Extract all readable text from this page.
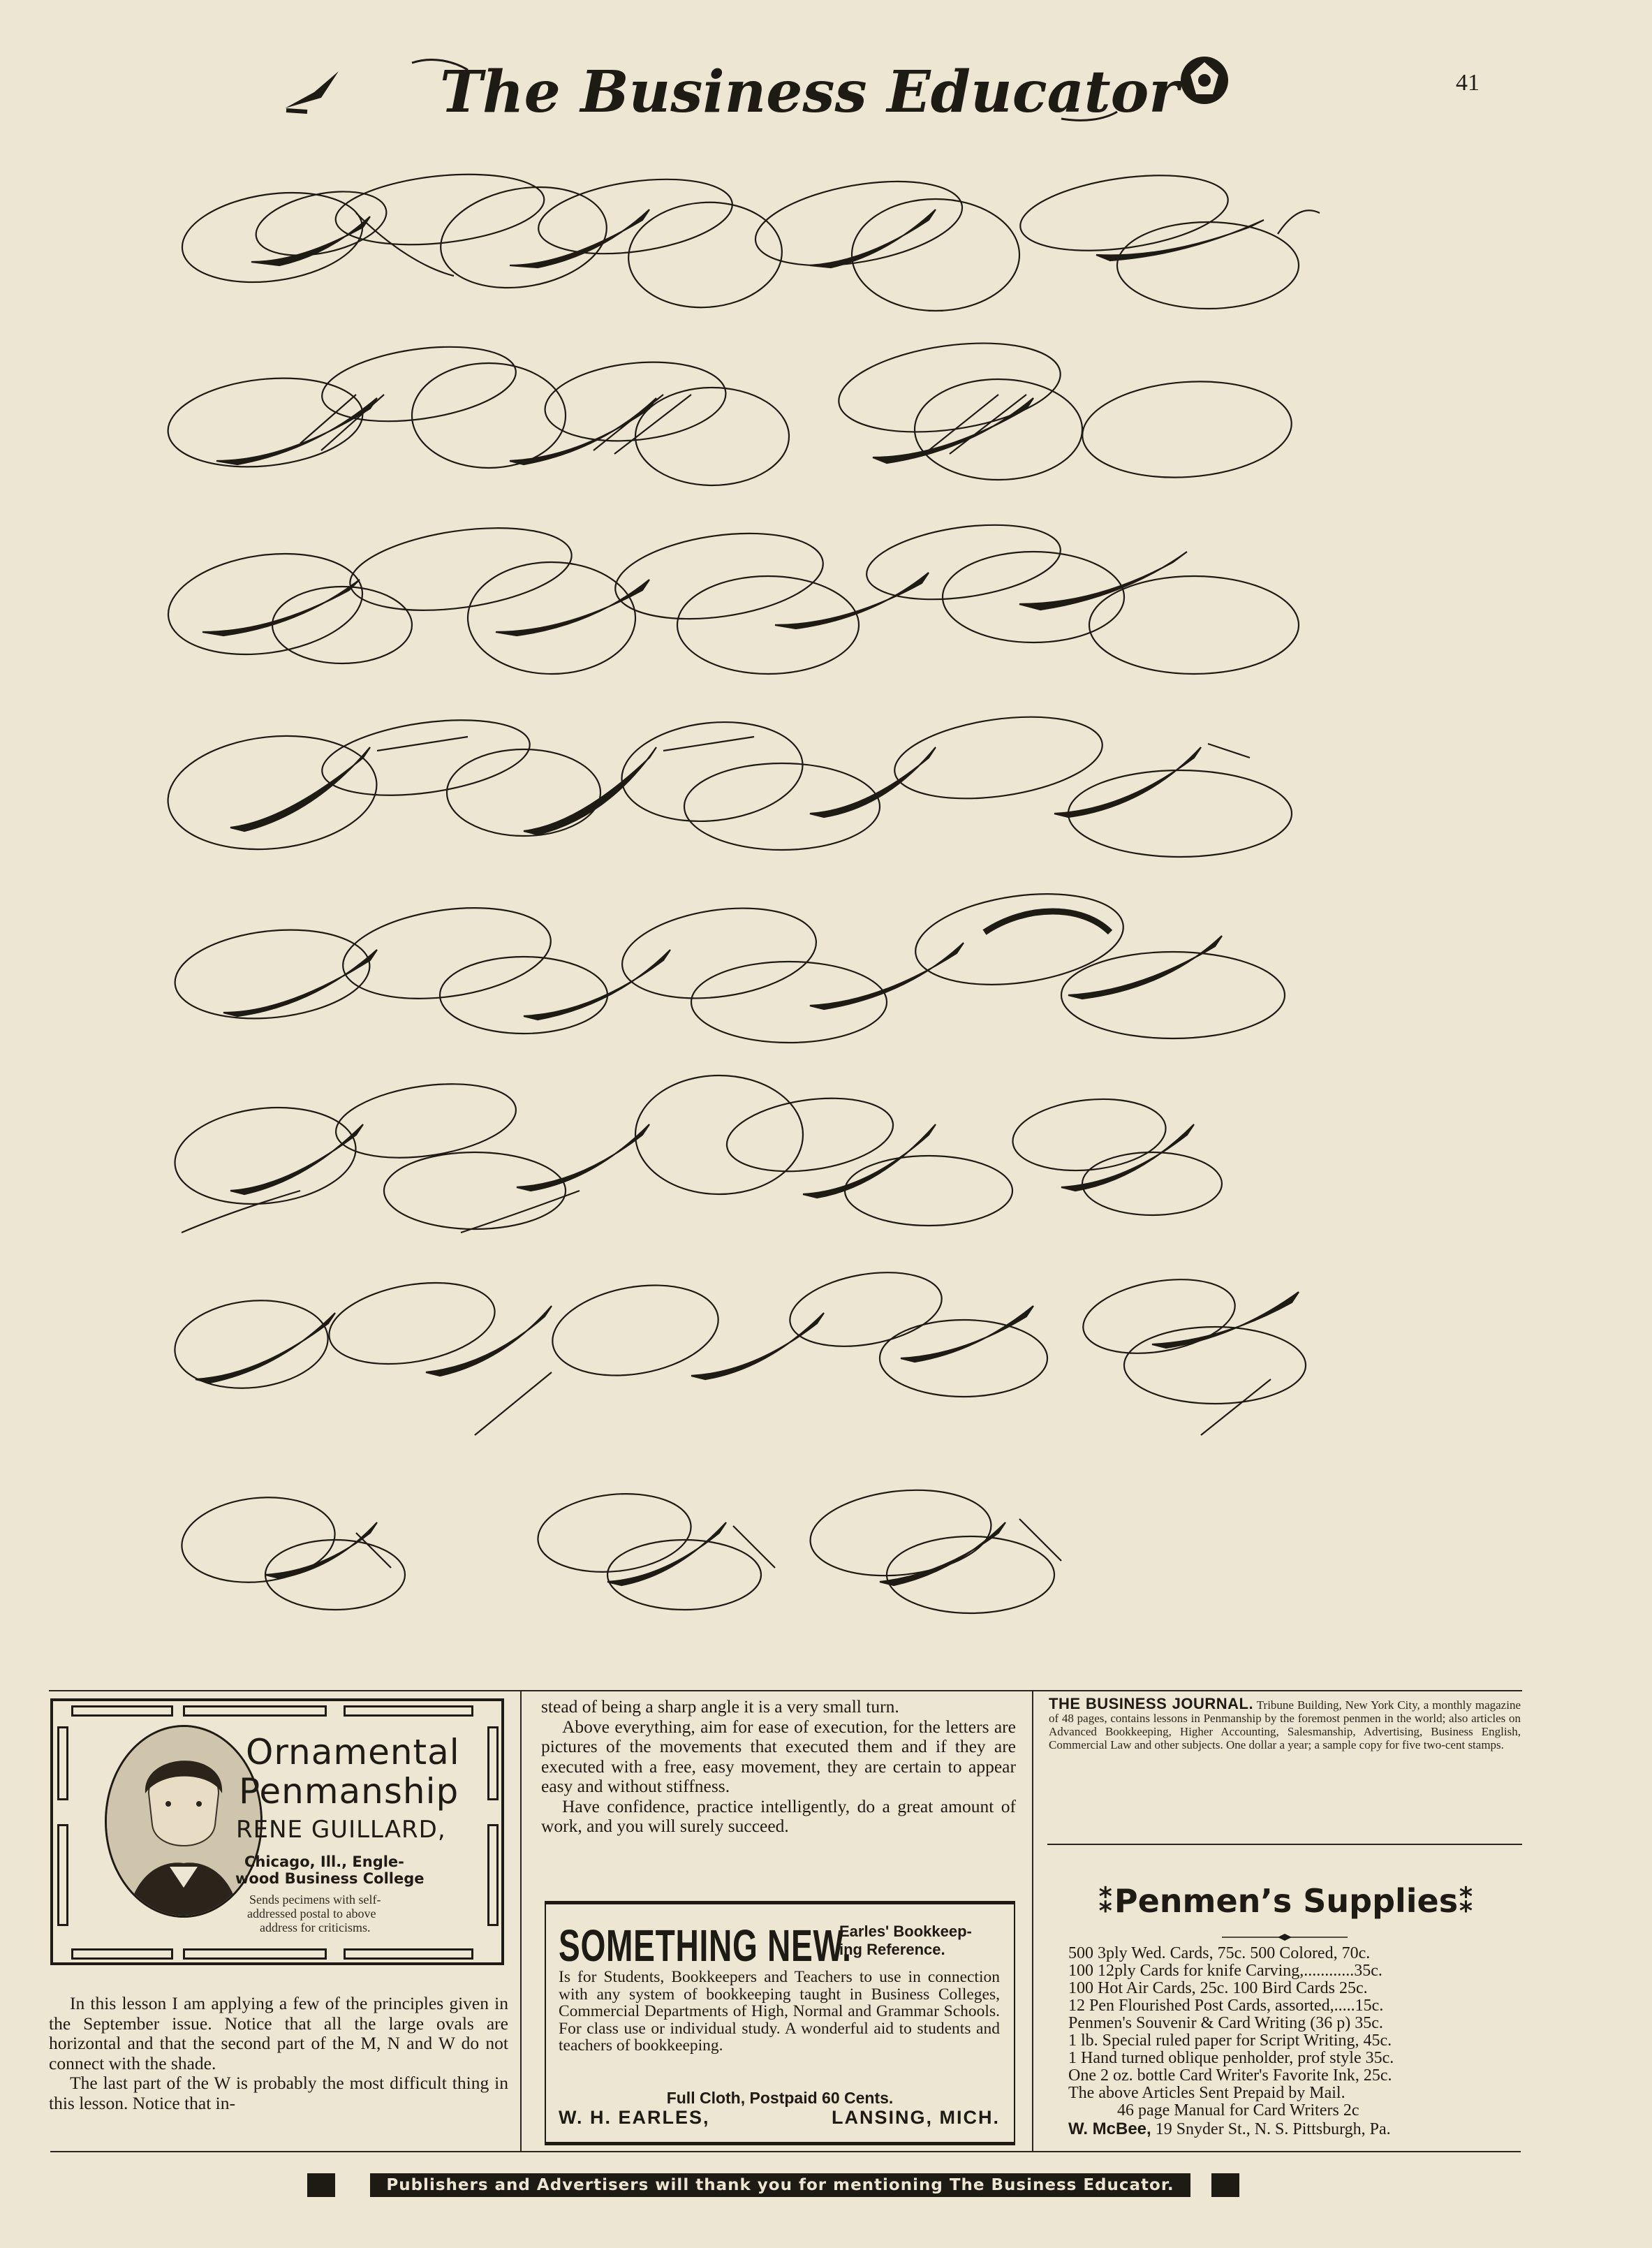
The Business Educator	41
Ornamental
Penmanship
RENE GUILLARD,
Chicago, Ill., Engle-
wood Business College
Sends pecimens with self-
addressed postal to above
address for criticisms.

In this lesson I am applying a few of the principles given in the September issue. Notice that all the large ovals are horizontal and that the second part of the M, N and W do not connect with the shade.

The last part of the W is probably the most difficult thing in this lesson. Notice that in-

stead of being a sharp angle it is a very small turn.

Above everything, aim for ease of execution, for the letters are pictures of the movements that executed them and if they are executed with a free, easy movement, they are certain to appear easy and without stiffness.

Have confidence, practice intelligently, do a great amount of work, and you will surely succeed.

SOMETHING NEW.
Earles' Bookkeep-
ing Reference.
Is for Students, Bookkeepers and Teachers to use in connection with any system of bookkeeping taught in Business Colleges, Commercial Departments of High, Normal and Grammar Schools. For class use or individual study. A wonderful aid to students and teachers of bookkeeping.
Full Cloth, Postpaid 60 Cents.
W. H. EARLES,	LANSING, MICH.
THE BUSINESS JOURNAL. Tribune Building, New York City, a monthly magazine of 48 pages, contains lessons in Penmanship by the foremost penmen in the world; also articles on Advanced Bookkeeping, Higher Accounting, Salesmanship, Advertising, Business English, Commercial Law and other subjects. One dollar a year; a sample copy for five two-cent stamps.
⁑Penmen’s Supplies⁑
500 3ply Wed. Cards, 75c. 500 Colored, 70c.
100 12ply Cards for knife Carving,............35c.
100 Hot Air Cards, 25c. 100 Bird Cards 25c.
12 Pen Flourished Post Cards, assorted,.....15c.
Penmen's Souvenir & Card Writing (36 p) 35c.
1 lb. Special ruled paper for Script Writing, 45c.
1 Hand turned oblique penholder, prof style 35c.
One 2 oz. bottle Card Writer's Favorite Ink, 25c.
The above Articles Sent Prepaid by Mail.
46 page Manual for Card Writers 2c
W. McBee, 19 Snyder St., N. S. Pittsburgh, Pa.
Publishers and Advertisers will thank you for mentioning The Business Educator.
